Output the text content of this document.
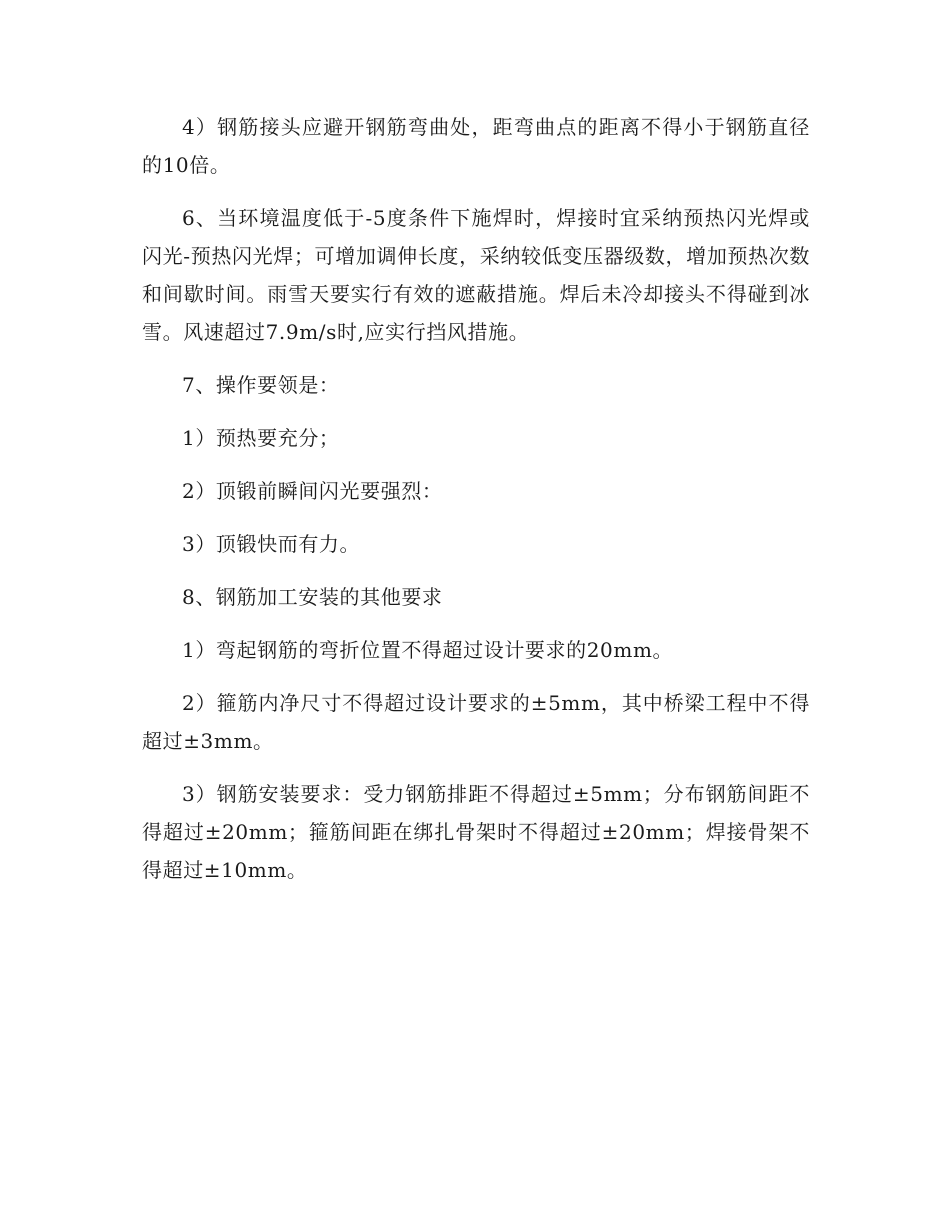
4）钢筋接头应避开钢筋弯曲处，距弯曲点的距离不得小于钢筋直径的10倍。

6、当环境温度低于-5度条件下施焊时，焊接时宜采纳预热闪光焊或闪光-预热闪光焊；可增加调伸长度，采纳较低变压器级数，增加预热次数和间歇时间。雨雪天要实行有效的遮蔽措施。焊后未冷却接头不得碰到冰雪。风速超过7.9m/s时,应实行挡风措施。

7、操作要领是：

1）预热要充分；

2）顶锻前瞬间闪光要强烈：

3）顶锻快而有力。

8、钢筋加工安装的其他要求

1）弯起钢筋的弯折位置不得超过设计要求的20mm。

2）箍筋内净尺寸不得超过设计要求的±5mm，其中桥梁工程中不得超过±3mm。

3）钢筋安装要求：受力钢筋排距不得超过±5mm；分布钢筋间距不得超过±20mm；箍筋间距在绑扎骨架时不得超过±20mm；焊接骨架不得超过±10mm。
